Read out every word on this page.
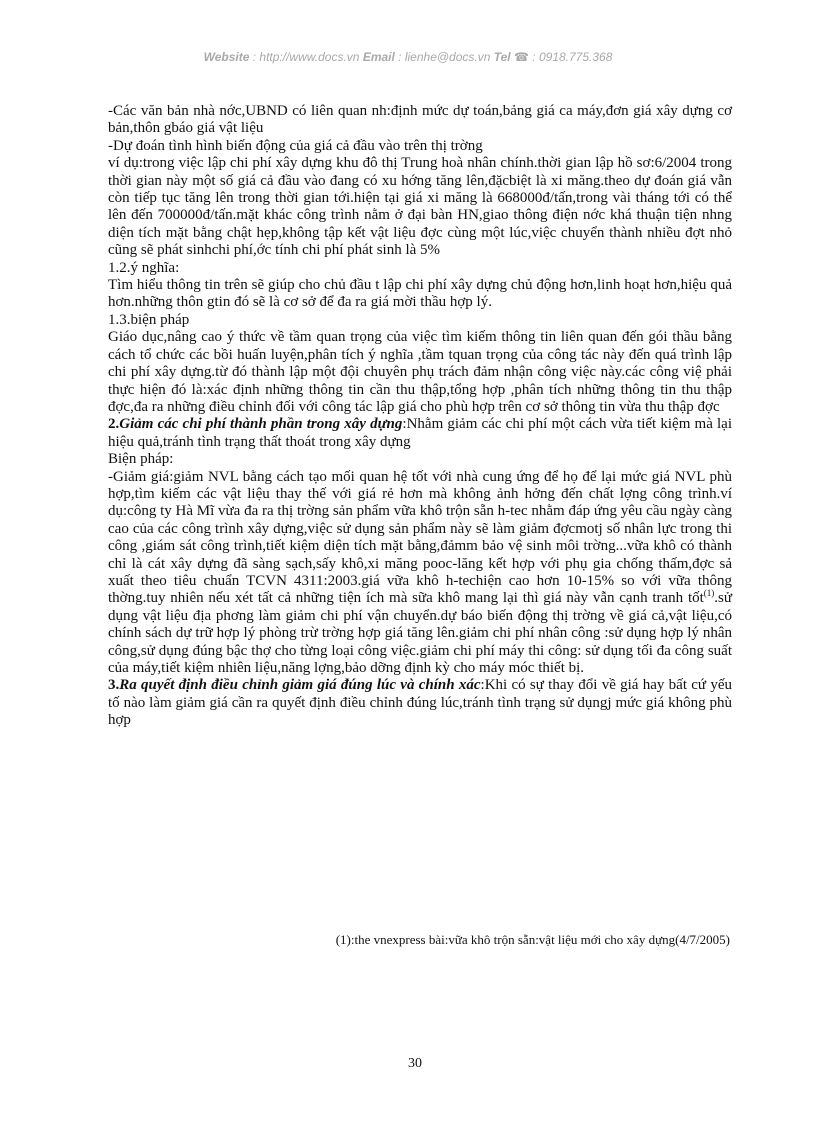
Website : http://www.docs.vn Email : lienhe@docs.vn Tel ☎ : 0918.775.368

-Các văn bản nhà nớc,UBND có liên quan nh:định mức dự toán,bảng giá ca máy,đơn giá xây dựng cơ bản,thôn gbáo giá vật liệu

-Dự đoán tình hình biến động của giá cả đầu vào trên thị trờng

ví dụ:trong việc lập chi phí xây dựng khu đô thị Trung hoà nhân chính.thời gian lập hồ sơ:6/2004 trong thời gian này một số giá cả đầu vào đang có xu hớng tăng lên,đặcbiệt là xi măng.theo dự đoán giá vẫn còn tiếp tục tăng lên trong thời gian tới.hiện tại giá xi măng là 668000đ/tấn,trong vài tháng tới có thể lên đến 700000đ/tấn.mặt khác công trình nằm ở đại bàn HN,giao thông điện nớc khá thuận tiện nhng diện tích mặt bằng chật hẹp,không tập kết vật liệu đợc cùng một lúc,việc chuyển thành nhiều đợt nhỏ cũng sẽ phát sinhchi phí,ớc tính chi phí phát sinh là 5%

1.2.ý nghĩa:

Tìm hiểu thông tin trên sẽ giúp cho chủ đầu t lập chi phí xây dựng chủ động hơn,linh hoạt hơn,hiệu quả hơn.những thôn gtin đó sẽ là cơ sở để đa ra giá mời thầu hợp lý.

1.3.biện pháp

Giáo dục,nâng cao ý thức về tầm quan trọng của việc tìm kiếm thông tin liên quan đến gói thầu bằng cách tổ chức các bồi huấn luyện,phân tích ý nghĩa ,tầm tquan trọng của công tác này đến quá trình lập chi phí xây dựng.từ đó thành lập một đội chuyên phụ trách đảm nhận công việc này.các công việ phải thực hiện đó là:xác định những thông tin cần thu thập,tổng hợp ,phân tích những thông tin thu thập đợc,đa ra những điều chỉnh đối với công tác lập giá cho phù hợp trên cơ sở thông tin vừa thu thập đợc

2.Giảm các chi phí thành phần trong xây dựng:Nhằm giảm các chi phí một cách vừa tiết kiệm mà lại hiệu quả,tránh tình trạng thất thoát trong xây dựng

Biện pháp:

-Giảm giá:giảm NVL bằng cách tạo mối quan hệ tốt với nhà cung ứng để họ để lại mức giá NVL phù hợp,tìm kiếm các vật liệu thay thế với giá rẻ hơn mà không ảnh hởng đến chất lợng công trình.ví dụ:công ty Hà Mĩ vừa đa ra thị trờng sản phẩm vữa khô trộn sẵn h-tec nhằm đáp ứng yêu cầu ngày càng cao của các công trình xây dựng,việc sử dụng sản phẩm này sẽ làm giảm đợcmotj số nhân lực trong thi công ,giám sát công trình,tiết kiệm diện tích mặt bằng,đảmm bảo vệ sinh môi trờng...vữa khô có thành chỉ là cát xây dựng đã sàng sạch,sấy khô,xi măng pooc-lăng kết hợp với phụ gia chống thấm,đợc sả xuất theo tiêu chuẩn TCVN 4311:2003.giá vữa khô h-techiện cao hơn 10-15% so với vữa thông thờng.tuy nhiên nếu xét tất cả những tiện ích mà sữa khô mang lại thì giá này vẫn cạnh tranh tốt$^{(1)}$.sử dụng vật liệu địa phơng làm giảm chi phí vận chuyển.dự báo biến động thị trờng về giá cả,vật liệu,có chính sách dự trữ hợp lý phòng trừ trờng hợp giá tăng lên.giảm chi phí nhân công :sử dụng hợp lý nhân công,sử dụng đúng bậc thợ cho từng loại công việc.giảm chi phí máy thi công: sử dụng tối đa công suất của máy,tiết kiệm nhiên liệu,năng lợng,bảo dỡng định kỳ cho máy móc thiết bị.

3.Ra quyết định điều chỉnh giảm giá đúng lúc và chính xác:Khi có sự thay đổi về giá hay bất cứ yếu tố nào làm giảm giá cần ra quyết định điều chỉnh đúng lúc,tránh tình trạng sử dụngj mức giá không phù hợp

(1):the vnexpress bài:vữa khô trộn sẵn:vật liệu mới cho xây dựng(4/7/2005)
30
